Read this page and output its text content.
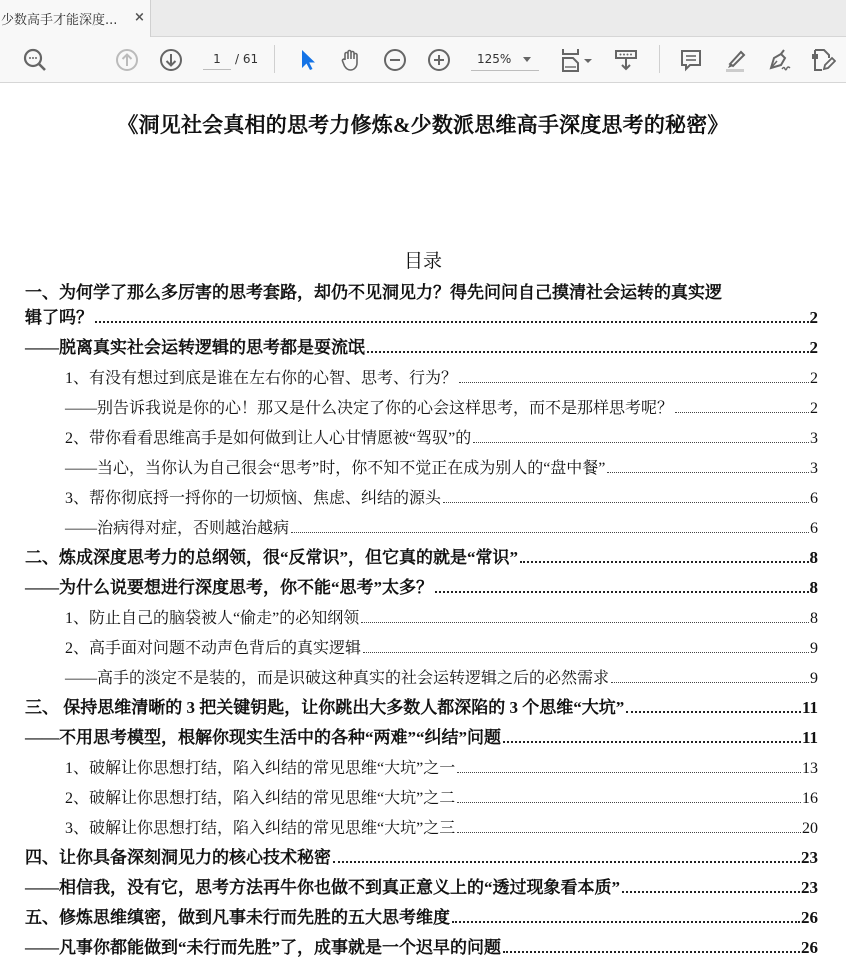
少数高手才能深度... ×
1
/ 61	125%
《洞见社会真相的思考力修炼&少数派思维高手深度思考的秘密》
目录
一、为何学了那么多厉害的思考套路，却仍不见洞见力？得先问问自己摸清社会运转的真实逻
辑了吗？	2
——脱离真实社会运转逻辑的思考都是耍流氓	2
1、有没有想过到底是谁在左右你的心智、思考、行为？	2
——别告诉我说是你的心！那又是什么决定了你的心会这样思考，而不是那样思考呢？	2
2、带你看看思维高手是如何做到让人心甘情愿被“驾驭”的	3
——当心，当你认为自己很会“思考”时，你不知不觉正在成为别人的“盘中餐”	3
3、帮你彻底捋一捋你的一切烦恼、焦虑、纠结的源头	6
——治病得对症，否则越治越病	6
二、炼成深度思考力的总纲领，很“反常识”，但它真的就是“常识”	8
——为什么说要想进行深度思考，你不能“思考”太多？	8
1、防止自己的脑袋被人“偷走”的必知纲领	8
2、高手面对问题不动声色背后的真实逻辑	9
——高手的淡定不是装的，而是识破这种真实的社会运转逻辑之后的必然需求	9
三、 保持思维清晰的 3 把关键钥匙，让你跳出大多数人都深陷的 3 个思维“大坑”	11
——不用思考模型，根解你现实生活中的各种“两难”“纠结”问题	11
1、破解让你思想打结，陷入纠结的常见思维“大坑”之一	13
2、破解让你思想打结，陷入纠结的常见思维“大坑”之二	16
3、破解让你思想打结，陷入纠结的常见思维“大坑”之三	20
四、让你具备深刻洞见力的核心技术秘密	23
——相信我，没有它，思考方法再牛你也做不到真正意义上的“透过现象看本质”	23
五、修炼思维缜密，做到凡事未行而先胜的五大思考维度	26
——凡事你都能做到“未行而先胜”了，成事就是一个迟早的问题	26
